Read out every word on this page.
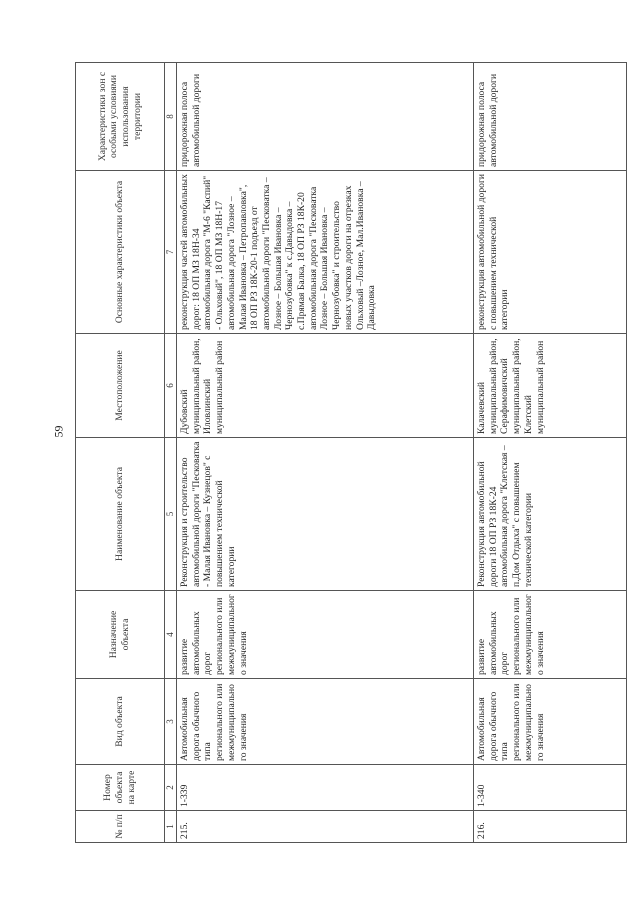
59
№ п/п	Номер объекта на карте	Вид объекта	Назначение объекта	Наименование объекта	Местоположение	Основные характеристики объекта	Характеристики зон с особыми условиями использования территории
1	2	3	4	5	6	7	8
215.	1-339	Автомобильная дорога обычного типа регионального или межмуниципального значения	развитие автомобильных дорог регионального или межмуниципального значения	Реконструкция и строительство автомобильной дороги "Песковатка - Малая Ивановка – Кузнецов" с повышением технической категории	Дубовский муниципальный район, Иловлинский муниципальный район	реконструкция частей автомобильных дорог: 18 ОП МЗ 18Н-34 автомобильная дорога "М-6 "Каспий" - Ольховый", 18 ОП МЗ 18Н-17 автомобильная дорога "Лозное – Малая Ивановка – Петропавловка", 18 ОП РЗ 18К-20-1 подъезд от автомобильной дороги "Песковатка – Лозное – Большая Ивановка – Чернозубовка" к с.Давыдовка – с.Прямая Балка, 18 ОП РЗ 18К-20 автомобильная дорога "Песковатка Лозное – Большая Ивановка – Чернозубовка" и строительство новых участков дороги на отрезках Ольховый –Лозное, Мал.Ивановка – Давыдовка	придорожная полоса автомобильной дороги
216.	1-340	Автомобильная дорога обычного типа регионального или межмуниципального значения	развитие автомобильных дорог регионального или межмуниципального значения	Реконструкция автомобильной дороги 18 ОП РЗ 18К-24 автомобильная дорога "Клетская – п.Дом Отдыха" с повышением технической категории	Калачевский муниципальный район, Серафимовичский муниципальный район, Клетский муниципальный район	реконструкция автомобильной дороги с повышением технической категории	придорожная полоса автомобильной дороги
